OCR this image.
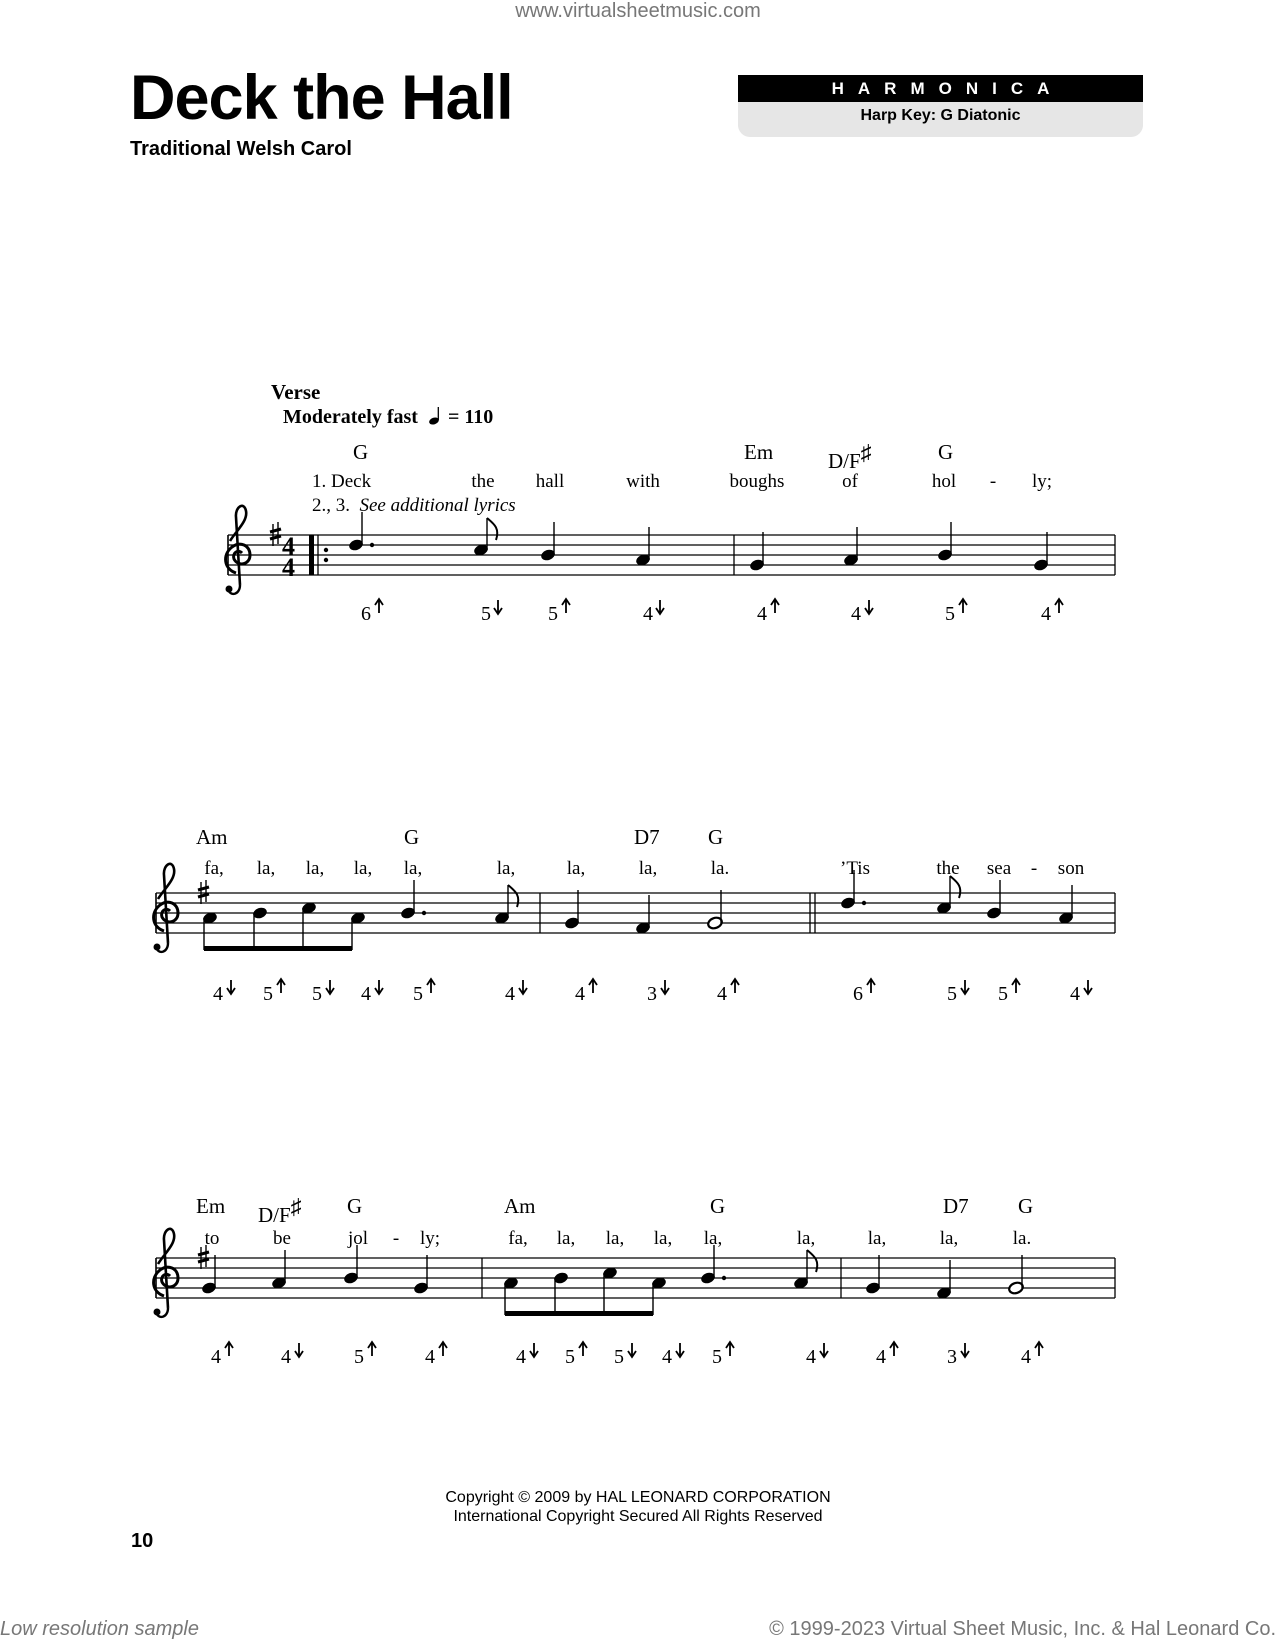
www.virtualsheetmusic.com
Deck the Hall
Traditional Welsh Carol
HARMONICA
Harp Key: G Diatonic
Verse
Moderately fast = 110
G	Em	D/F♯	G
1. Deck	the hall	with	boughs	of	hol - ly;
2., 3. See additional lyrics
6	5	5	4	4	4	5	4
Am	G	D7 G
fa, la, la, la, la,	la,	la,	la,	la.	’Tis	the sea - son
4 5 5 4 5	4	4	3	4	6	5 5	4
Em D/F♯ G	Am	G	D7 G
to	be	jol - ly;	fa, la, la, la, la,	la,	la,	la,	la.
4	4	5	4	4 5 5 4 5	4	4	3	4
4
4
Copyright © 2009 by HAL LEONARD CORPORATION
International Copyright Secured All Rights Reserved
10
Low resolution sample	© 1999-2023 Virtual Sheet Music, Inc. & Hal Leonard Co.
